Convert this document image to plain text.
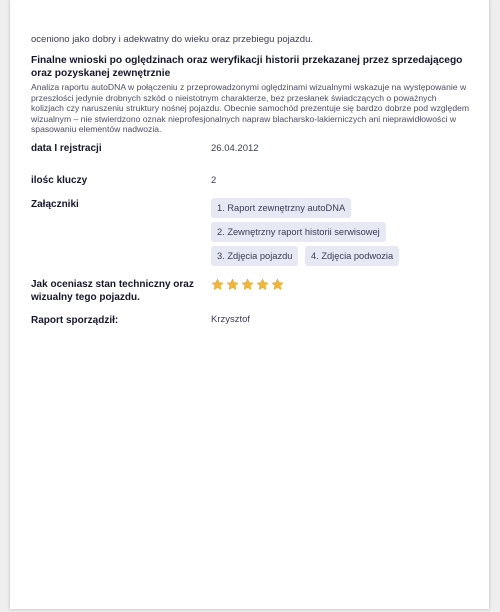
oceniono jako dobry i adekwatny do wieku oraz przebiegu pojazdu.
Finalne wnioski po oględzinach oraz weryfikacji historii przekazanej przez sprzedającego oraz pozyskanej zewnętrznie
Analiza raportu autoDNA w połączeniu z przeprowadzonymi oględzinami wizualnymi wskazuje na występowanie w przeszłości jedynie drobnych szkód o nieistotnym charakterze, bez przesłanek świadczących o poważnych kolizjach czy naruszeniu struktury nośnej pojazdu. Obecnie samochód prezentuje się bardzo dobrze pod względem wizualnym – nie stwierdzono oznak nieprofesjonalnych napraw blacharsko-lakierniczych ani nieprawidłowości w spasowaniu elementów nadwozia.
data I rejstracji	26.04.2012
ilośc kluczy	2
Załączniki	1. Raport zewnętrzny autoDNA
2. Zewnętrzny raport historii serwisowej
3. Zdjęcia pojazdu	4. Zdjęcia podwozia
Jak oceniasz stan techniczny oraz wizualny tego pojazdu.
Raport sporządził:	Krzysztof
